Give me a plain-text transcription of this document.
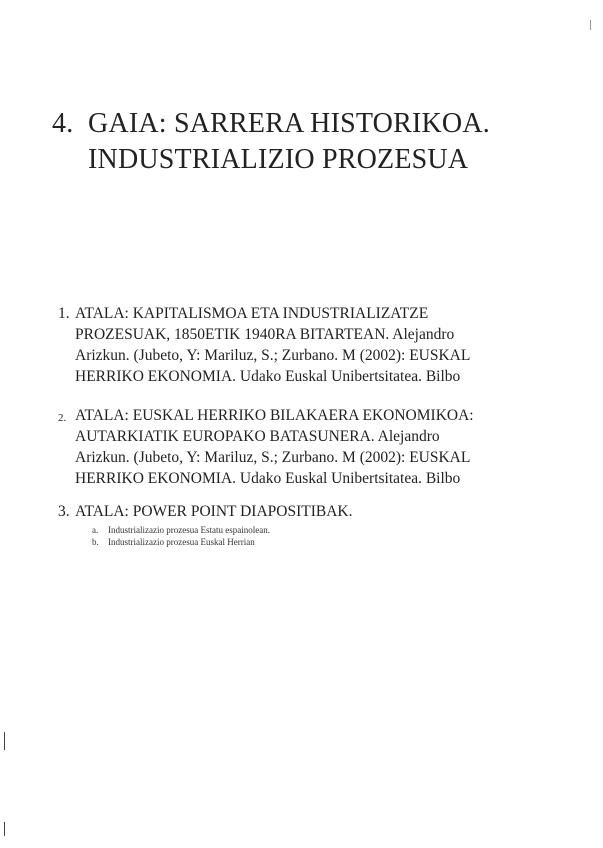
4. GAIA: SARRERA HISTORIKOA.
INDUSTRIALIZIO PROZESUA
1. ATALA: KAPITALISMOA ETA INDUSTRIALIZATZE
PROZESUAK, 1850ETIK 1940RA BITARTEAN. Alejandro
Arizkun. (Jubeto, Y: Mariluz, S.; Zurbano. M (2002): EUSKAL
HERRIKO EKONOMIA. Udako Euskal Unibertsitatea. Bilbo
2. ATALA: EUSKAL HERRIKO BILAKAERA EKONOMIKOA:
AUTARKIATIK EUROPAKO BATASUNERA. Alejandro
Arizkun. (Jubeto, Y: Mariluz, S.; Zurbano. M (2002): EUSKAL
HERRIKO EKONOMIA. Udako Euskal Unibertsitatea. Bilbo
3. ATALA: POWER POINT DIAPOSITIBAK.
a. Industrializazio prozesua Estatu espainolean.
b. Industrializazio prozesua Euskal Herrian
